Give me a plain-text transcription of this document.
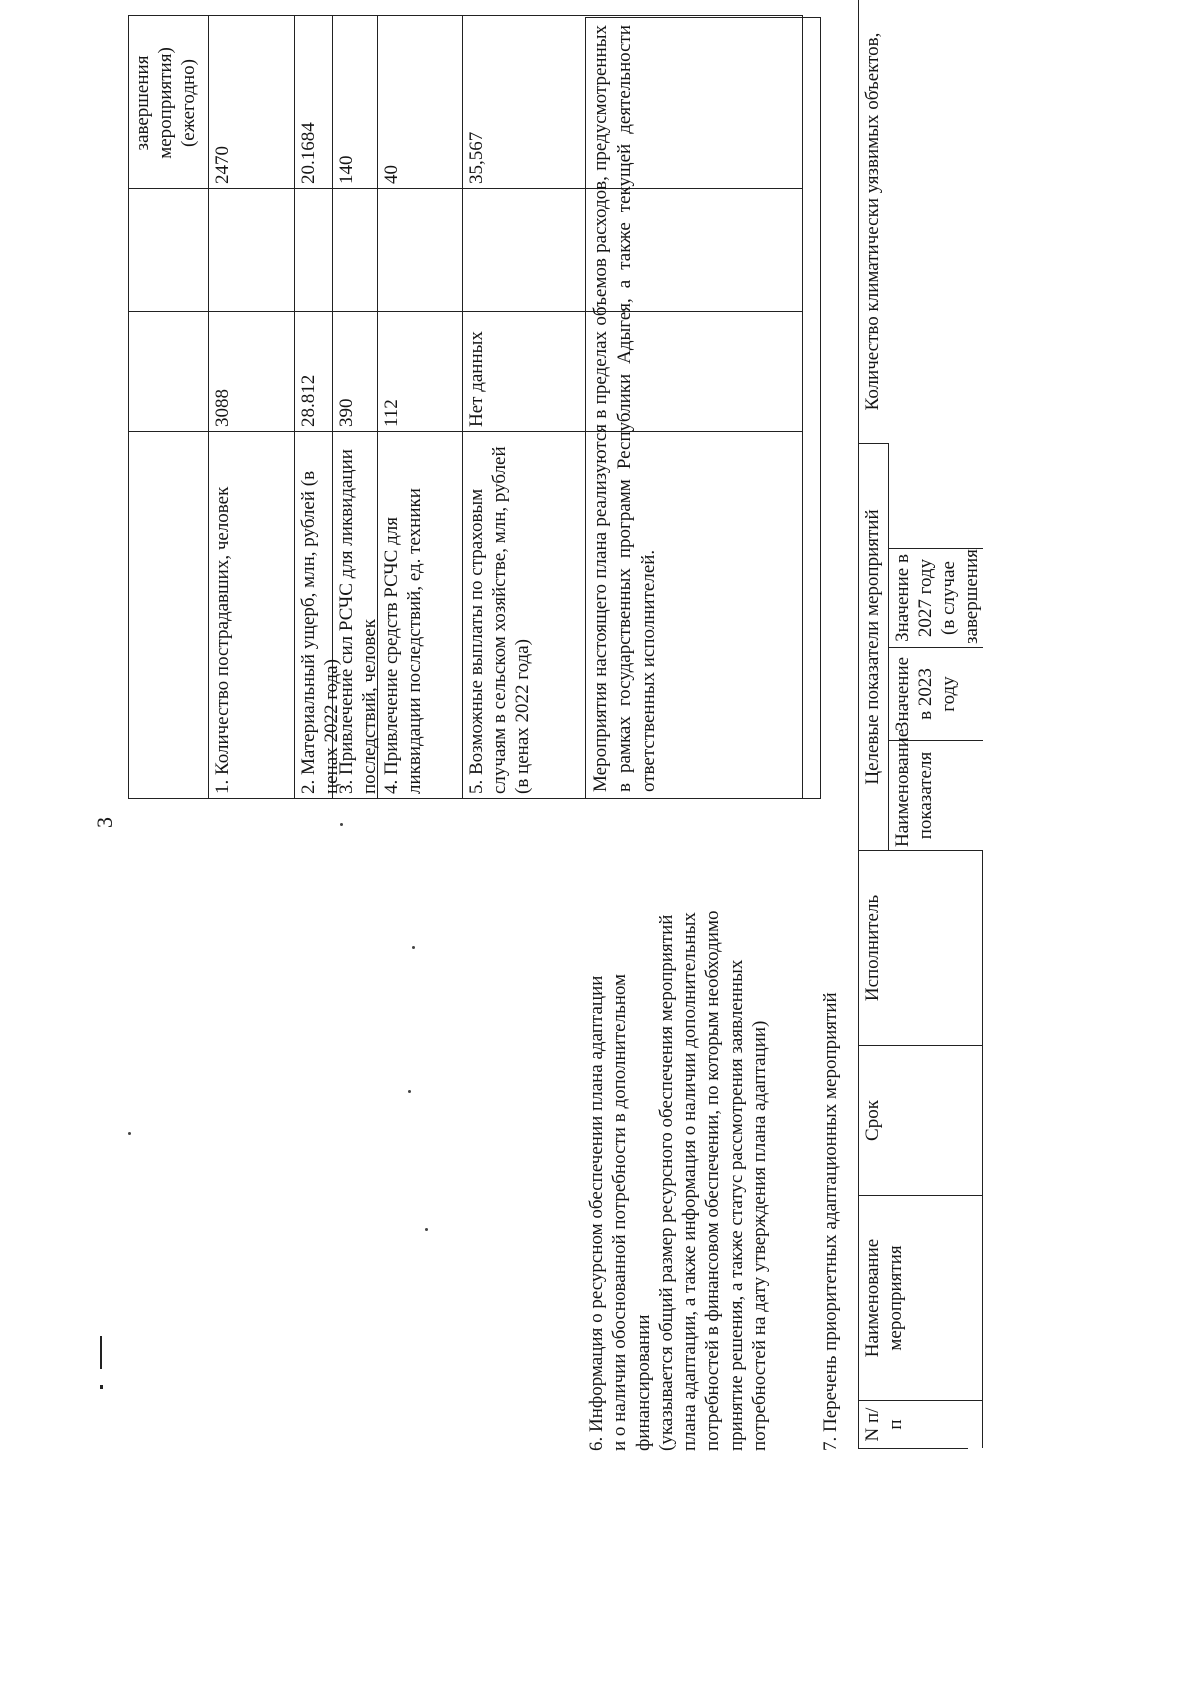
3
завершения мероприятия) (ежегодно)
1. Количество пострадавших, человек
3088
2470
2. Материальный ущерб, млн, рублей (в ценах 2022 года)
28.812
20.1684
3. Привлечение сил РСЧС для ликвидации последствий, человек
390
140
4. Привлечение средств РСЧС для ликвидации последствий, ед. техники
112
40
5. Возможные выплаты по страховым случаям в сельском хозяйстве, млн, рублей (в ценах 2022 года)
Нет данных
35,567

6. Информация о ресурсном обеспечении плана адаптации и о наличии обоснованной потребности в дополнительном финансировании (указывается общий размер ресурсного обеспечения мероприятий плана адаптации, а также информация о наличии дополнительных потребностей в финансовом обеспечении, по которым необходимо принятие решения, а также статус рассмотрения заявленных потребностей на дату утверждения плана адаптации)

Мероприятия настоящего плана реализуются в пределах объемов расходов, предусмотренных в рамках государственных программ Республики Адыгея, а также текущей деятельности ответственных исполнителей.
7. Перечень приоритетных адаптационных мероприятий N п/п
Наименование мероприятия
Срок
Исполнитель
Целевые показатели мероприятий
Наименование показателя
Значение в 2023 году
Значение в 2027 году (в случае завершения
Количество климатически уязвимых объектов,
